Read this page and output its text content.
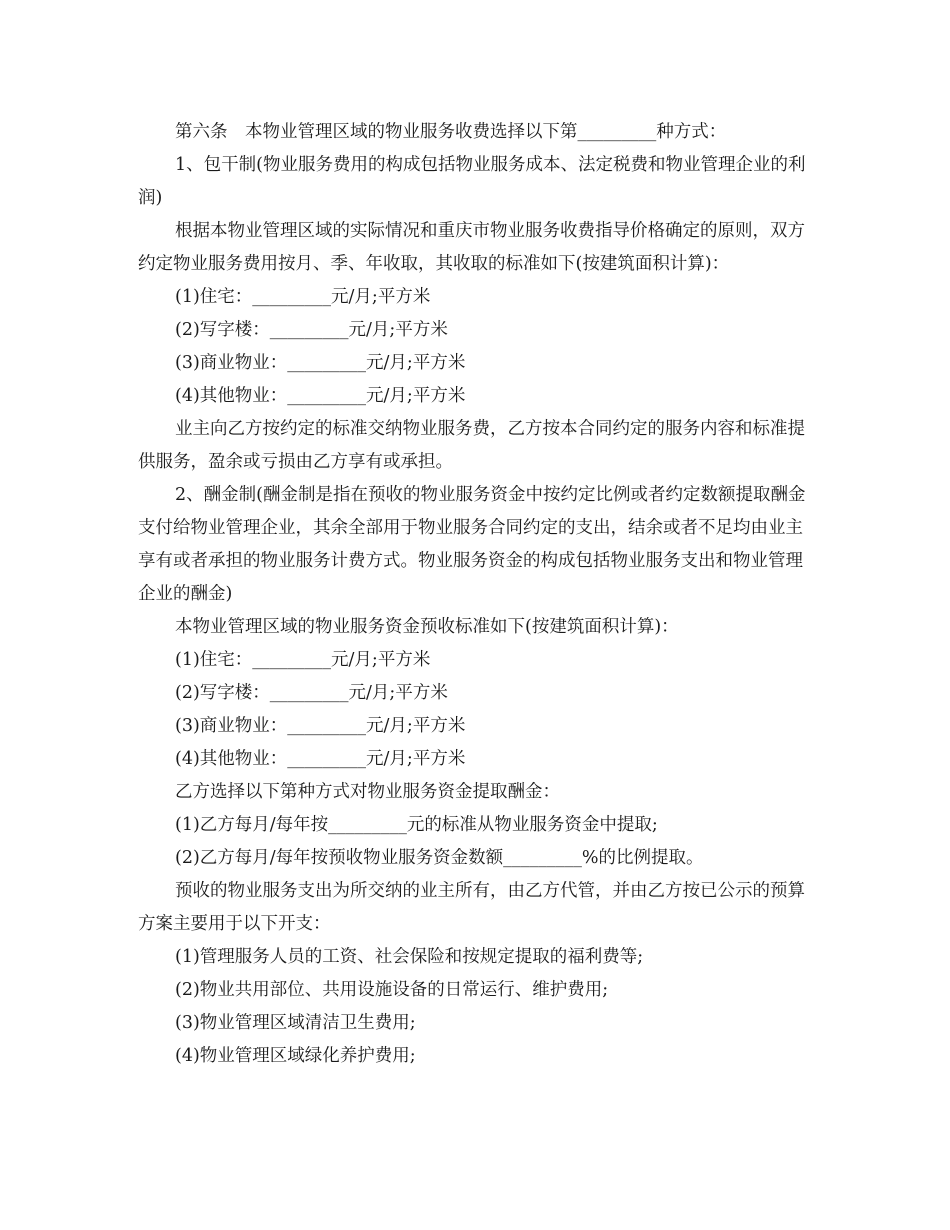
第六条　本物业管理区域的物业服务收费选择以下第_________种方式：

1、包干制(物业服务费用的构成包括物业服务成本、法定税费和物业管理企业的利润)

根据本物业管理区域的实际情况和重庆市物业服务收费指导价格确定的原则，双方约定物业服务费用按月、季、年收取，其收取的标准如下(按建筑面积计算)：

(1)住宅：_________元/月;平方米

(2)写字楼：_________元/月;平方米

(3)商业物业：_________元/月;平方米

(4)其他物业：_________元/月;平方米

业主向乙方按约定的标准交纳物业服务费，乙方按本合同约定的服务内容和标准提供服务，盈余或亏损由乙方享有或承担。

2、酬金制(酬金制是指在预收的物业服务资金中按约定比例或者约定数额提取酬金支付给物业管理企业，其余全部用于物业服务合同约定的支出，结余或者不足均由业主享有或者承担的物业服务计费方式。物业服务资金的构成包括物业服务支出和物业管理企业的酬金)

本物业管理区域的物业服务资金预收标准如下(按建筑面积计算)：

(1)住宅：_________元/月;平方米

(2)写字楼：_________元/月;平方米

(3)商业物业：_________元/月;平方米

(4)其他物业：_________元/月;平方米

乙方选择以下第种方式对物业服务资金提取酬金：

(1)乙方每月/每年按_________元的标准从物业服务资金中提取;

(2)乙方每月/每年按预收物业服务资金数额_________%的比例提取。

预收的物业服务支出为所交纳的业主所有，由乙方代管，并由乙方按已公示的预算方案主要用于以下开支：

(1)管理服务人员的工资、社会保险和按规定提取的福利费等;

(2)物业共用部位、共用设施设备的日常运行、维护费用;

(3)物业管理区域清洁卫生费用;

(4)物业管理区域绿化养护费用;
